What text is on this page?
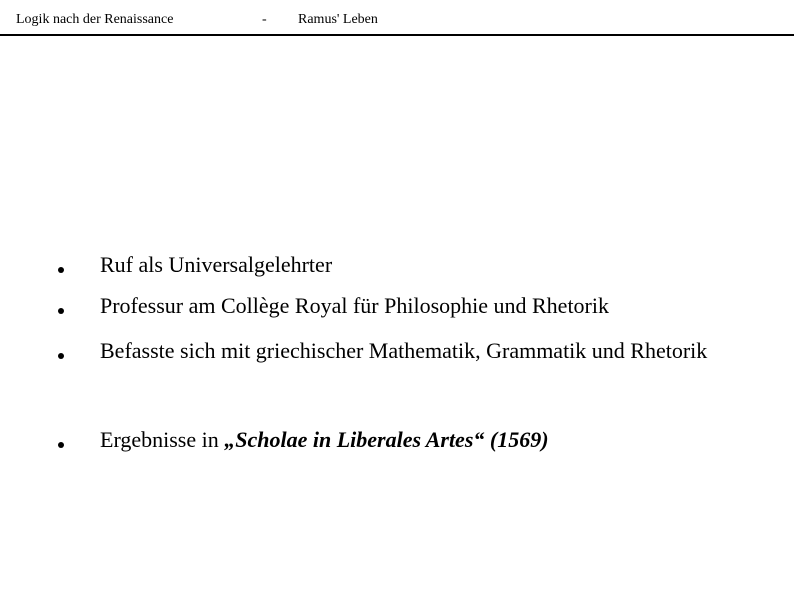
Logik nach der Renaissance	- Ramus' Leben
Ruf als Universalgelehrter
Professur am Collège Royal für Philosophie und Rhetorik
Befasste sich mit griechischer Mathematik, Grammatik und Rhetorik
Ergebnisse in „Scholae in Liberales Artes“ (1569)
